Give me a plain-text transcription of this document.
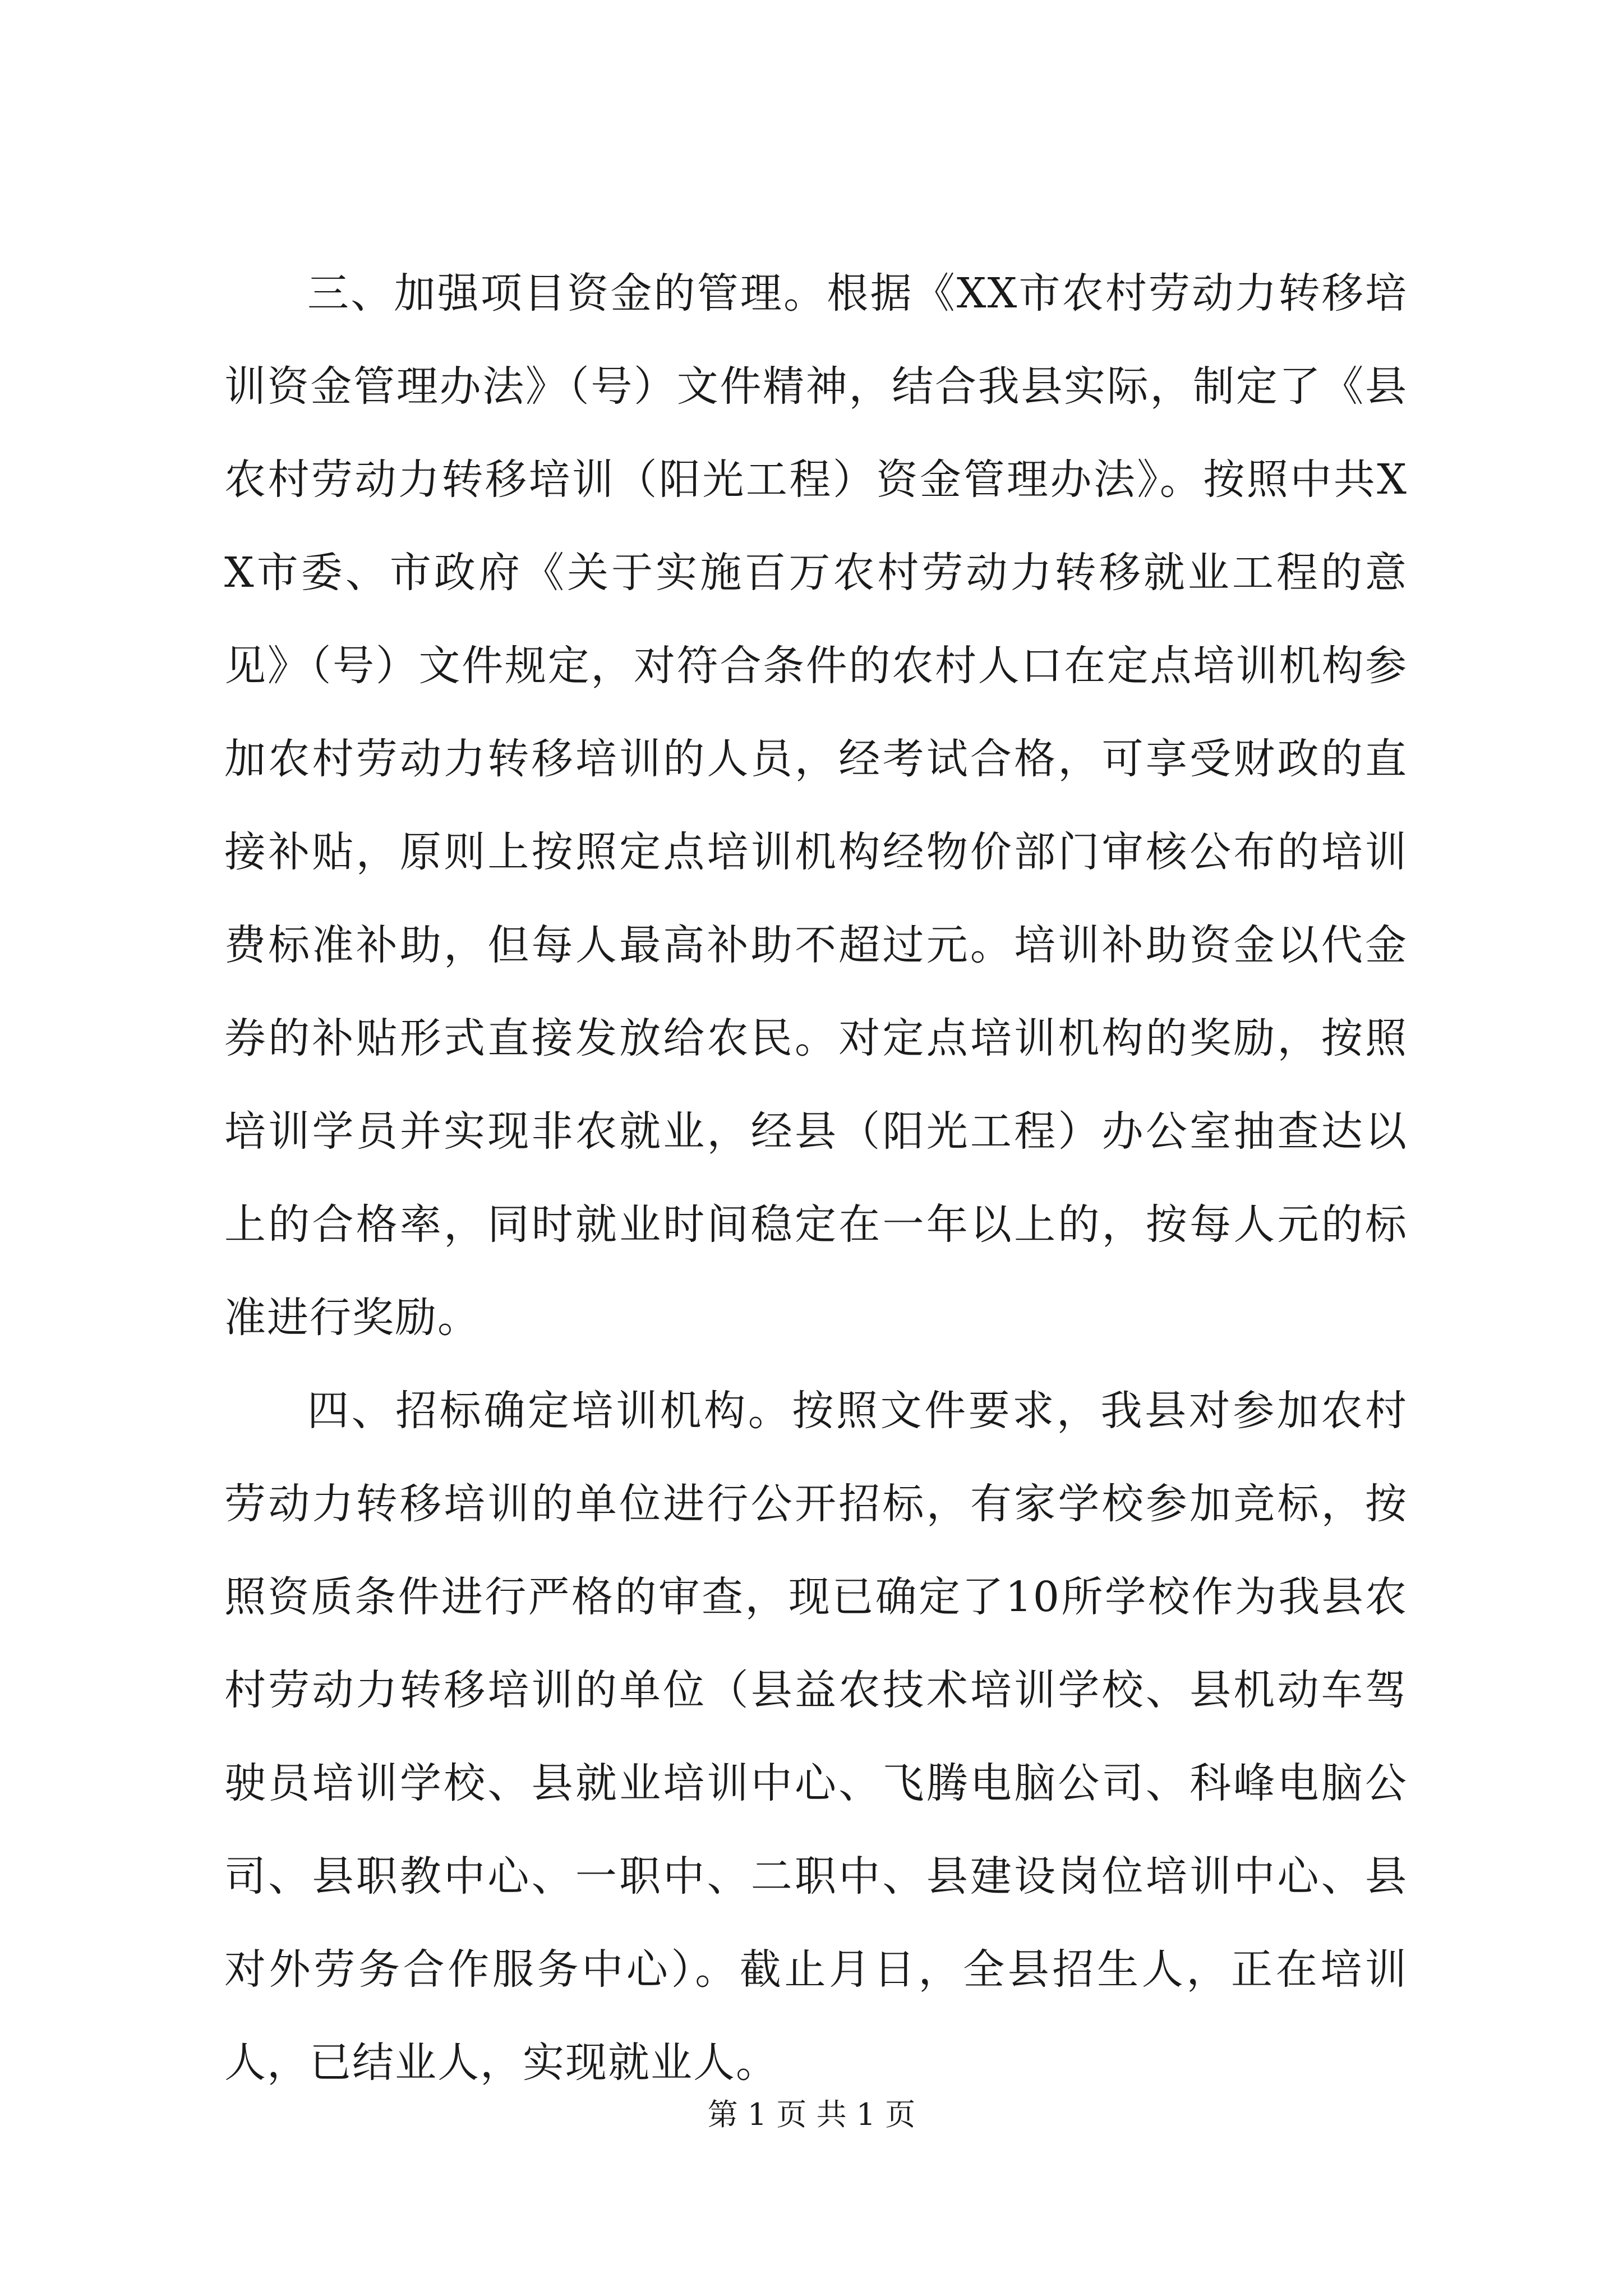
三、加强项目资金的管理。根据《XX市农村劳动力转移培训资金管理办法》（号）文件精神，结合我县实际，制定了《县农村劳动力转移培训（阳光工程）资金管理办法》。按照中共XX市委、市政府《关于实施百万农村劳动力转移就业工程的意见》（号）文件规定，对符合条件的农村人口在定点培训机构参加农村劳动力转移培训的人员，经考试合格，可享受财政的直接补贴，原则上按照定点培训机构经物价部门审核公布的培训费标准补助，但每人最高补助不超过元。培训补助资金以代金券的补贴形式直接发放给农民。对定点培训机构的奖励，按照培训学员并实现非农就业，经县（阳光工程）办公室抽查达以上的合格率，同时就业时间稳定在一年以上的，按每人元的标准进行奖励。

四、招标确定培训机构。按照文件要求，我县对参加农村劳动力转移培训的单位进行公开招标，有家学校参加竞标，按照资质条件进行严格的审查，现已确定了10所学校作为我县农村劳动力转移培训的单位（县益农技术培训学校、县机动车驾驶员培训学校、县就业培训中心、飞腾电脑公司、科峰电脑公司、县职教中心、一职中、二职中、县建设岗位培训中心、县对外劳务合作服务中心）。截止月日，全县招生人，正在培训人，已结业人，实现就业人。

第 1 页 共 1 页
